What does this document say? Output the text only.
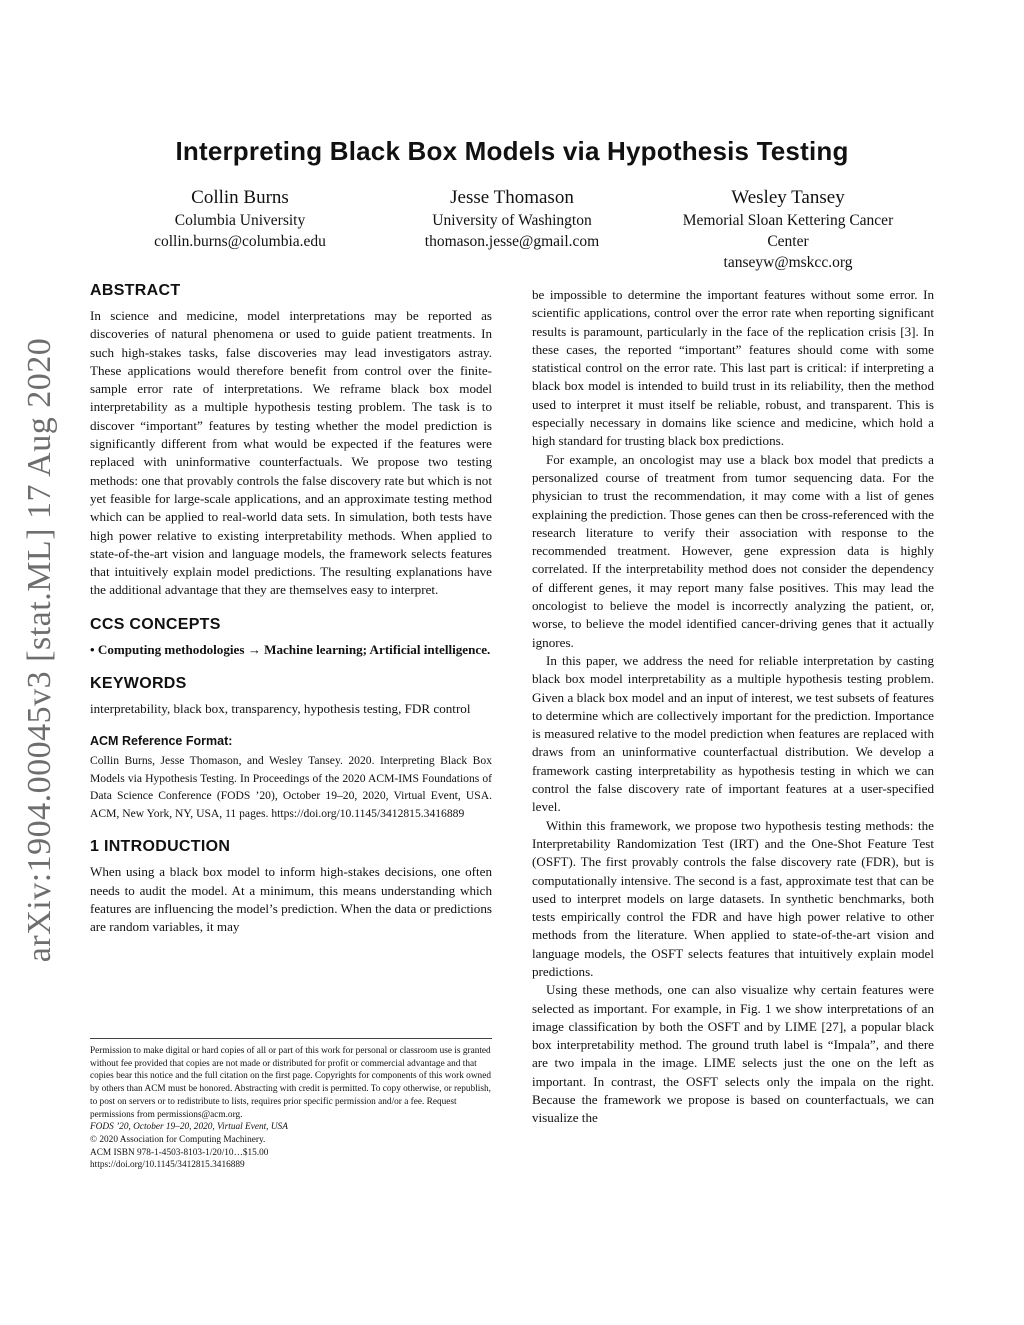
arXiv:1904.00045v3 [stat.ML] 17 Aug 2020
Interpreting Black Box Models via Hypothesis Testing
Collin Burns
Columbia University
collin.burns@columbia.edu
Jesse Thomason
University of Washington
thomason.jesse@gmail.com
Wesley Tansey
Memorial Sloan Kettering Cancer Center
tanseyw@mskcc.org
ABSTRACT

In science and medicine, model interpretations may be reported as discoveries of natural phenomena or used to guide patient treatments. In such high-stakes tasks, false discoveries may lead investigators astray. These applications would therefore benefit from control over the finite-sample error rate of interpretations. We reframe black box model interpretability as a multiple hypothesis testing problem. The task is to discover “important” features by testing whether the model prediction is significantly different from what would be expected if the features were replaced with uninformative counterfactuals. We propose two testing methods: one that provably controls the false discovery rate but which is not yet feasible for large-scale applications, and an approximate testing method which can be applied to real-world data sets. In simulation, both tests have high power relative to existing interpretability methods. When applied to state-of-the-art vision and language models, the framework selects features that intuitively explain model predictions. The resulting explanations have the additional advantage that they are themselves easy to interpret.

CCS CONCEPTS

• Computing methodologies → Machine learning; Artificial intelligence.

KEYWORDS

interpretability, black box, transparency, hypothesis testing, FDR control

ACM Reference Format:

Collin Burns, Jesse Thomason, and Wesley Tansey. 2020. Interpreting Black Box Models via Hypothesis Testing. In Proceedings of the 2020 ACM-IMS Foundations of Data Science Conference (FODS ’20), October 19–20, 2020, Virtual Event, USA. ACM, New York, NY, USA, 11 pages. https://doi.org/10.1145/3412815.3416889

1 INTRODUCTION

When using a black box model to inform high-stakes decisions, one often needs to audit the model. At a minimum, this means understanding which features are influencing the model’s prediction. When the data or predictions are random variables, it may

Permission to make digital or hard copies of all or part of this work for personal or classroom use is granted without fee provided that copies are not made or distributed for profit or commercial advantage and that copies bear this notice and the full citation on the first page. Copyrights for components of this work owned by others than ACM must be honored. Abstracting with credit is permitted. To copy otherwise, or republish, to post on servers or to redistribute to lists, requires prior specific permission and/or a fee. Request permissions from permissions@acm.org.

FODS ’20, October 19–20, 2020, Virtual Event, USA

© 2020 Association for Computing Machinery.

ACM ISBN 978-1-4503-8103-1/20/10…$15.00

https://doi.org/10.1145/3412815.3416889

be impossible to determine the important features without some error. In scientific applications, control over the error rate when reporting significant results is paramount, particularly in the face of the replication crisis [3]. In these cases, the reported “important” features should come with some statistical control on the error rate. This last part is critical: if interpreting a black box model is intended to build trust in its reliability, then the method used to interpret it must itself be reliable, robust, and transparent. This is especially necessary in domains like science and medicine, which hold a high standard for trusting black box predictions.

For example, an oncologist may use a black box model that predicts a personalized course of treatment from tumor sequencing data. For the physician to trust the recommendation, it may come with a list of genes explaining the prediction. Those genes can then be cross-referenced with the research literature to verify their association with response to the recommended treatment. However, gene expression data is highly correlated. If the interpretability method does not consider the dependency of different genes, it may report many false positives. This may lead the oncologist to believe the model is incorrectly analyzing the patient, or, worse, to believe the model identified cancer-driving genes that it actually ignores.

In this paper, we address the need for reliable interpretation by casting black box model interpretability as a multiple hypothesis testing problem. Given a black box model and an input of interest, we test subsets of features to determine which are collectively important for the prediction. Importance is measured relative to the model prediction when features are replaced with draws from an uninformative counterfactual distribution. We develop a framework casting interpretability as hypothesis testing in which we can control the false discovery rate of important features at a user-specified level.

Within this framework, we propose two hypothesis testing methods: the Interpretability Randomization Test (IRT) and the One-Shot Feature Test (OSFT). The first provably controls the false discovery rate (FDR), but is computationally intensive. The second is a fast, approximate test that can be used to interpret models on large datasets. In synthetic benchmarks, both tests empirically control the FDR and have high power relative to other methods from the literature. When applied to state-of-the-art vision and language models, the OSFT selects features that intuitively explain model predictions.

Using these methods, one can also visualize why certain features were selected as important. For example, in Fig. 1 we show interpretations of an image classification by both the OSFT and by LIME [27], a popular black box interpretability method. The ground truth label is “Impala”, and there are two impala in the image. LIME selects just the one on the left as important. In contrast, the OSFT selects only the impala on the right. Because the framework we propose is based on counterfactuals, we can visualize the
